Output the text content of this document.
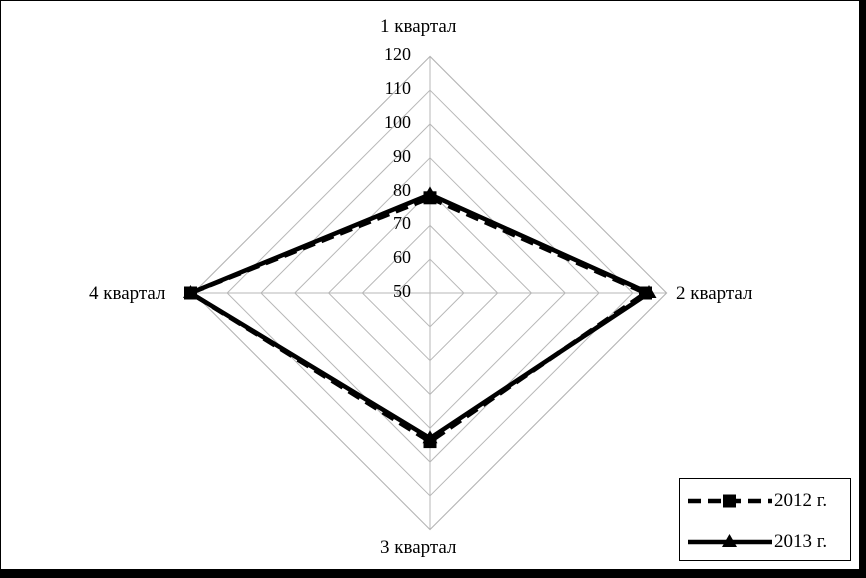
50
60
70
80
90
100
110
120
1 квартал
2 квартал
3 квартал
4 квартал
2012 г.
2013 г.
